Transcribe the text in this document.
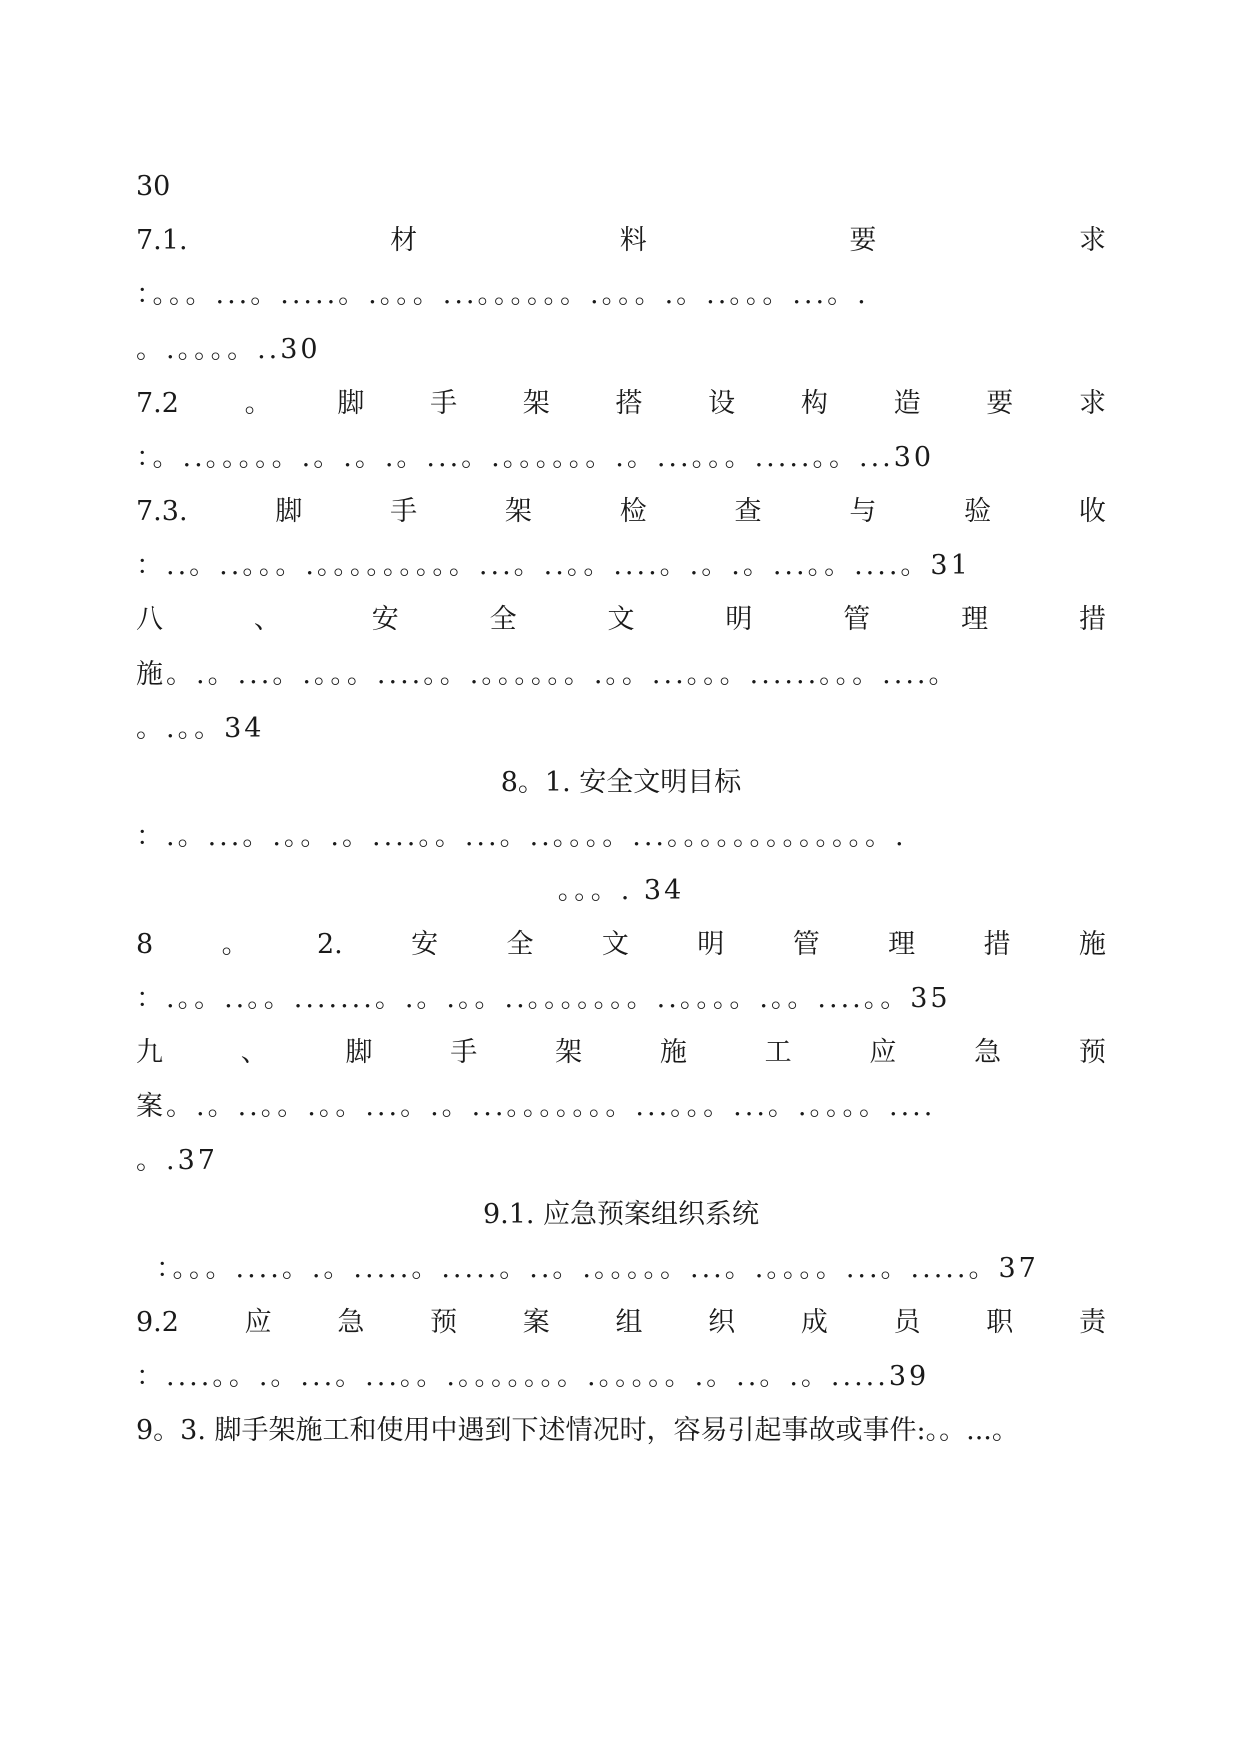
30
7.1.	材	料	要	求
：。。。...。.....。.。。。...。。。。。。.。。。.。..。。。...。.
。.。。。。..30
7.2 。 脚 手 架 搭 设 构 造 要 求
：。..。。。。。.。.。.。...。.。。。。。。.。...。。。.....。。...30
7.3.	脚	手	架	检	查	与	验	收
：..。..。。。.。。。。。。。。。...。..。。....。.。.。...。。....。31
八	、	安	全	文	明	管	理	措
施。.。...。.。。。....。。.。。。。。。.。。...。。。......。。。....。
。.。。34
8。1. 安全文明目标
：.。...。.。。.。....。。...。..。。。。...。。。。。。。。。。。。。.
。。。. 34
8	。	2.	安	全	文	明	管	理	措	施
：.。。..。。.......。.。.。。..。。。。。。。..。。。。.。。....。。35
九	、	脚	手	架	施	工	应	急	预
案。.。..。。.。。...。.。...。。。。。。。...。。。...。.。。。。....
。.37
9.1. 应急预案组织系统
：。。。....。.。.....。.....。..。.。。。。。...。.。。。。...。.....。37
9.2 应 急 预 案 组 织 成 员 职 责
：....。。.。...。...。。.。。。。。。。.。。。。。.。..。.。.....39
9。3. 脚手架施工和使用中遇到下述情况时，容易引起事故或事件:。。...。
